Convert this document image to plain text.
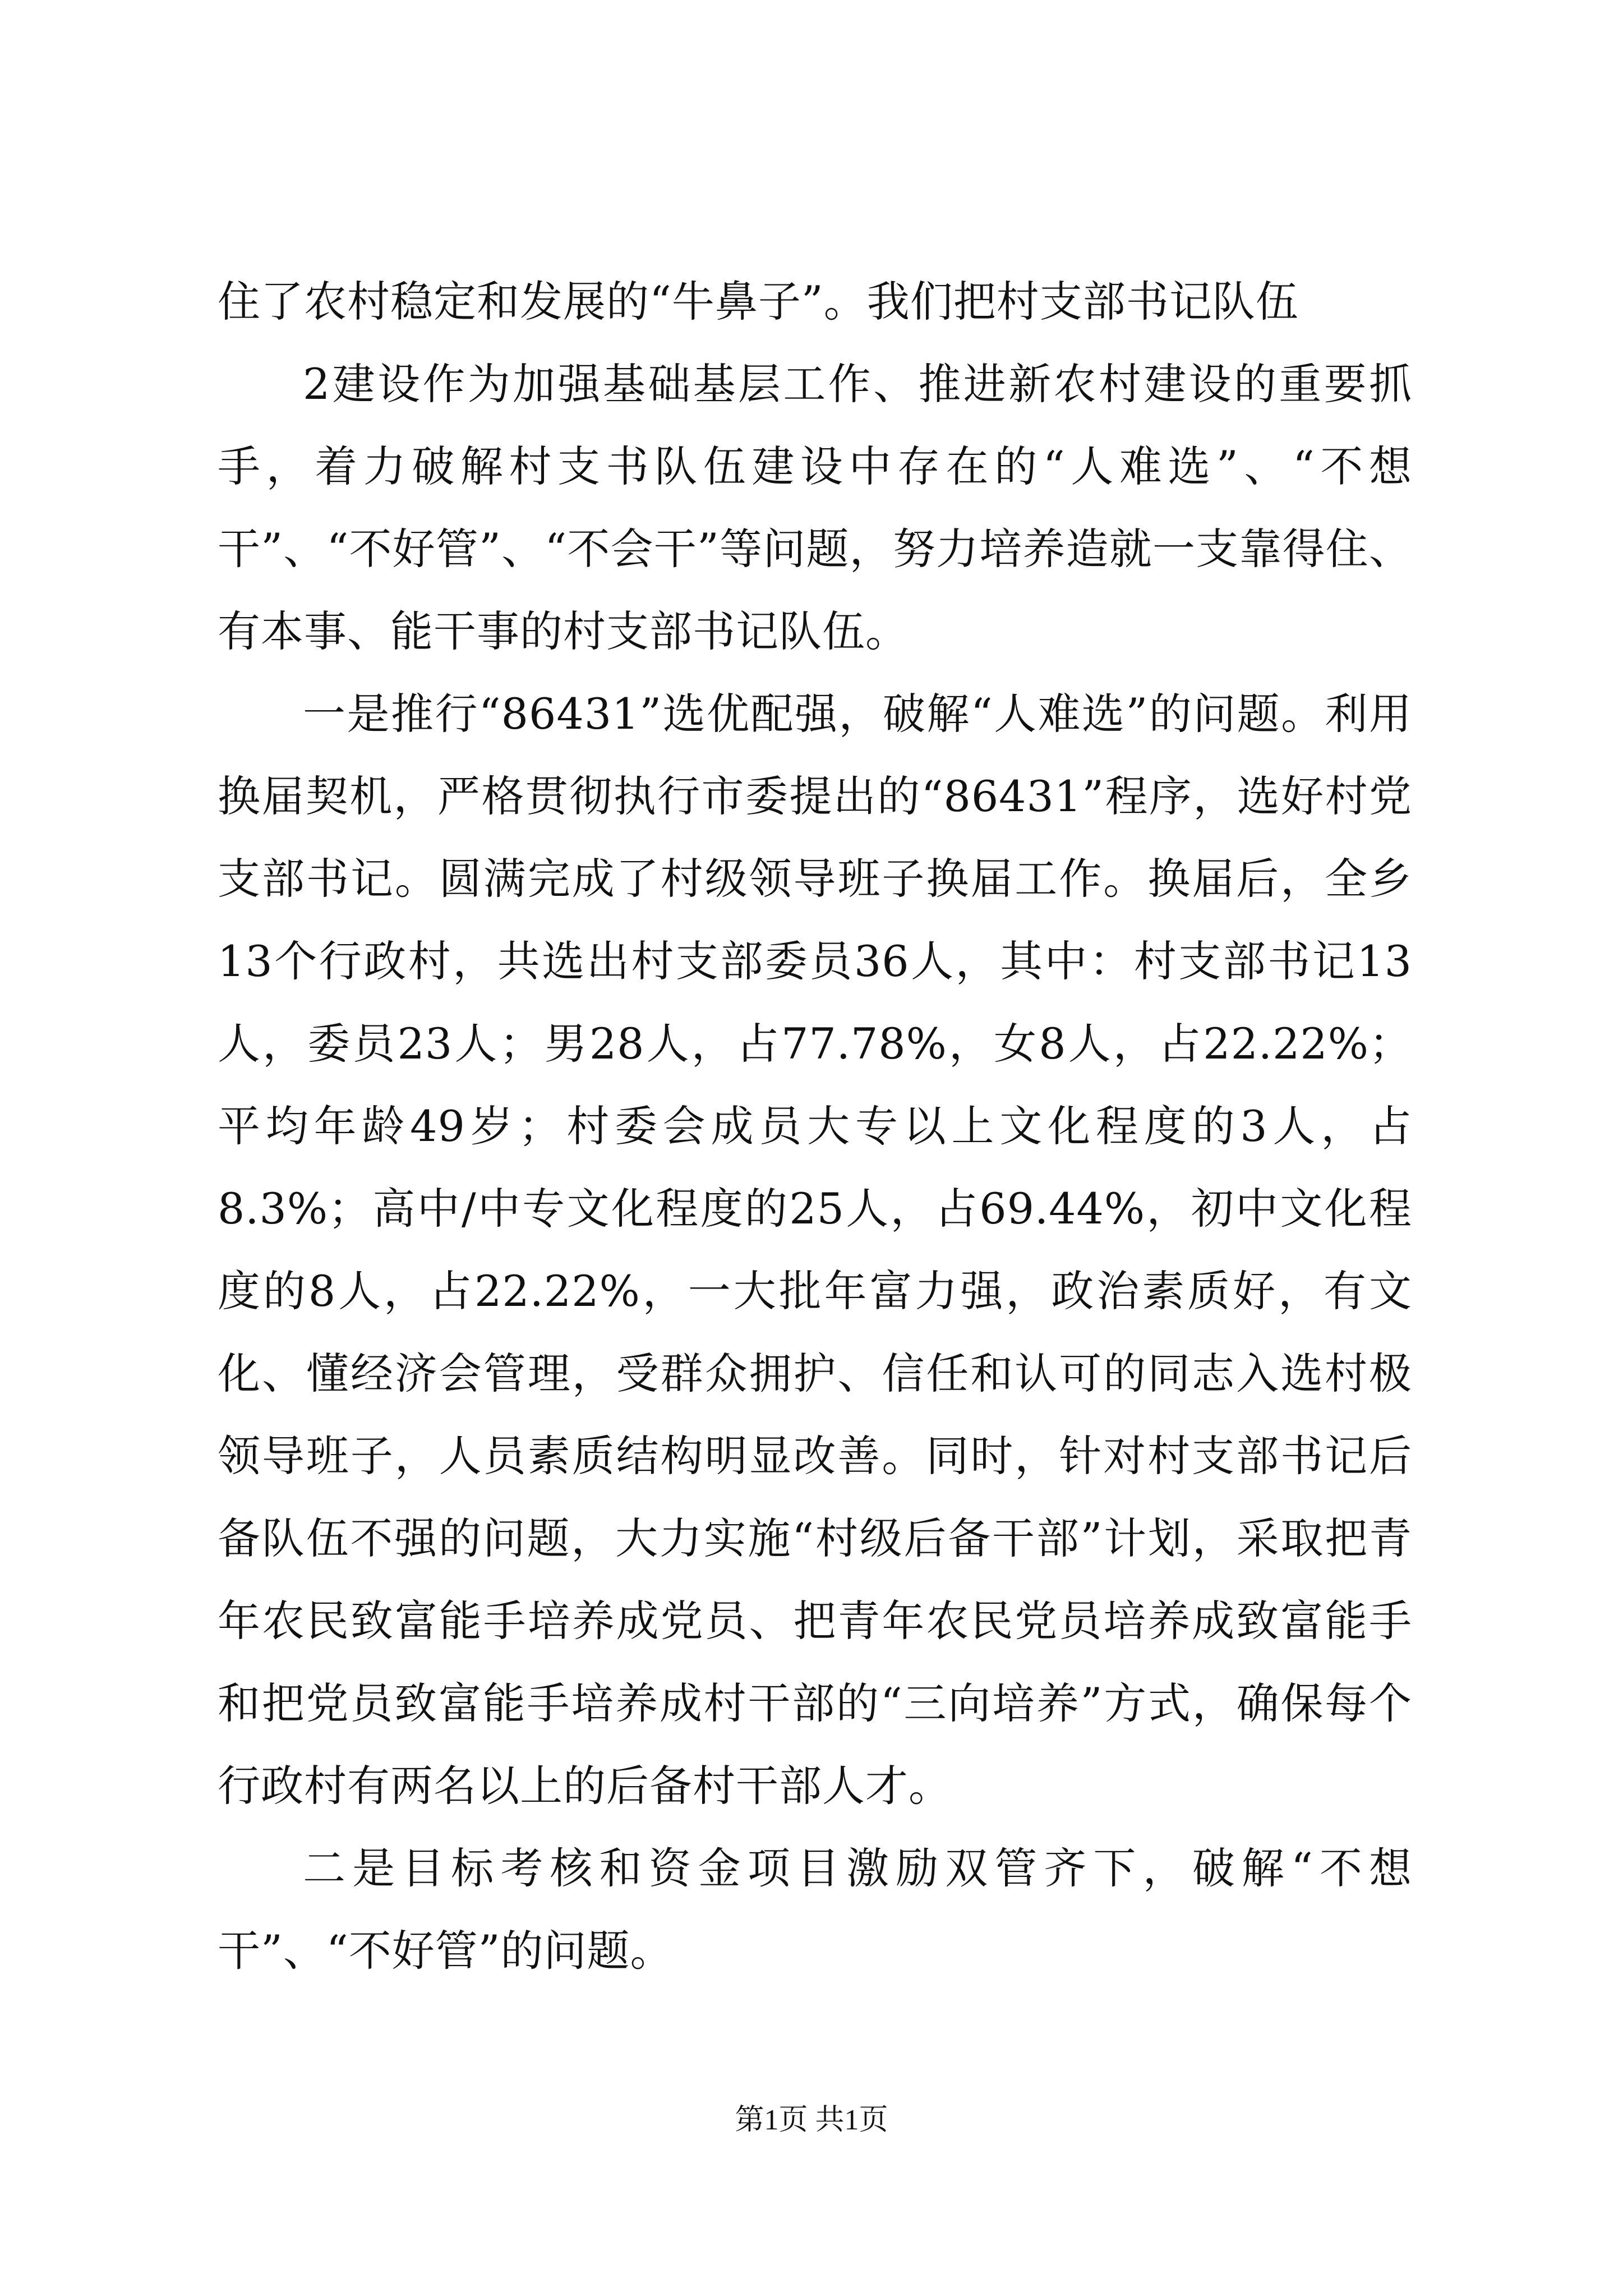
住了农村稳定和发展的“牛鼻子”。我们把村支部书记队伍

2建设作为加强基础基层工作、推进新农村建设的重要抓手，着力破解村支书队伍建设中存在的“人难选”、“不想干”、“不好管”、“不会干”等问题，努力培养造就一支靠得住、有本事、能干事的村支部书记队伍。

一是推行“86431”选优配强，破解“人难选”的问题。利用换届契机，严格贯彻执行市委提出的“86431”程序，选好村党支部书记。圆满完成了村级领导班子换届工作。换届后，全乡13个行政村，共选出村支部委员36人，其中：村支部书记13人，委员23人；男28人，占77.78%，女8人，占22.22%；平均年龄49岁；村委会成员大专以上文化程度的3人，占8.3%；高中/中专文化程度的25人，占69.44%，初中文化程度的8人，占22.22%，一大批年富力强，政治素质好，有文化、懂经济会管理，受群众拥护、信任和认可的同志入选村极领导班子，人员素质结构明显改善。同时，针对村支部书记后备队伍不强的问题，大力实施“村级后备干部”计划，采取把青年农民致富能手培养成党员、把青年农民党员培养成致富能手和把党员致富能手培养成村干部的“三向培养”方式，确保每个行政村有两名以上的后备村干部人才。

二是目标考核和资金项目激励双管齐下，破解“不想干”、“不好管”的问题。

第1页 共1页
